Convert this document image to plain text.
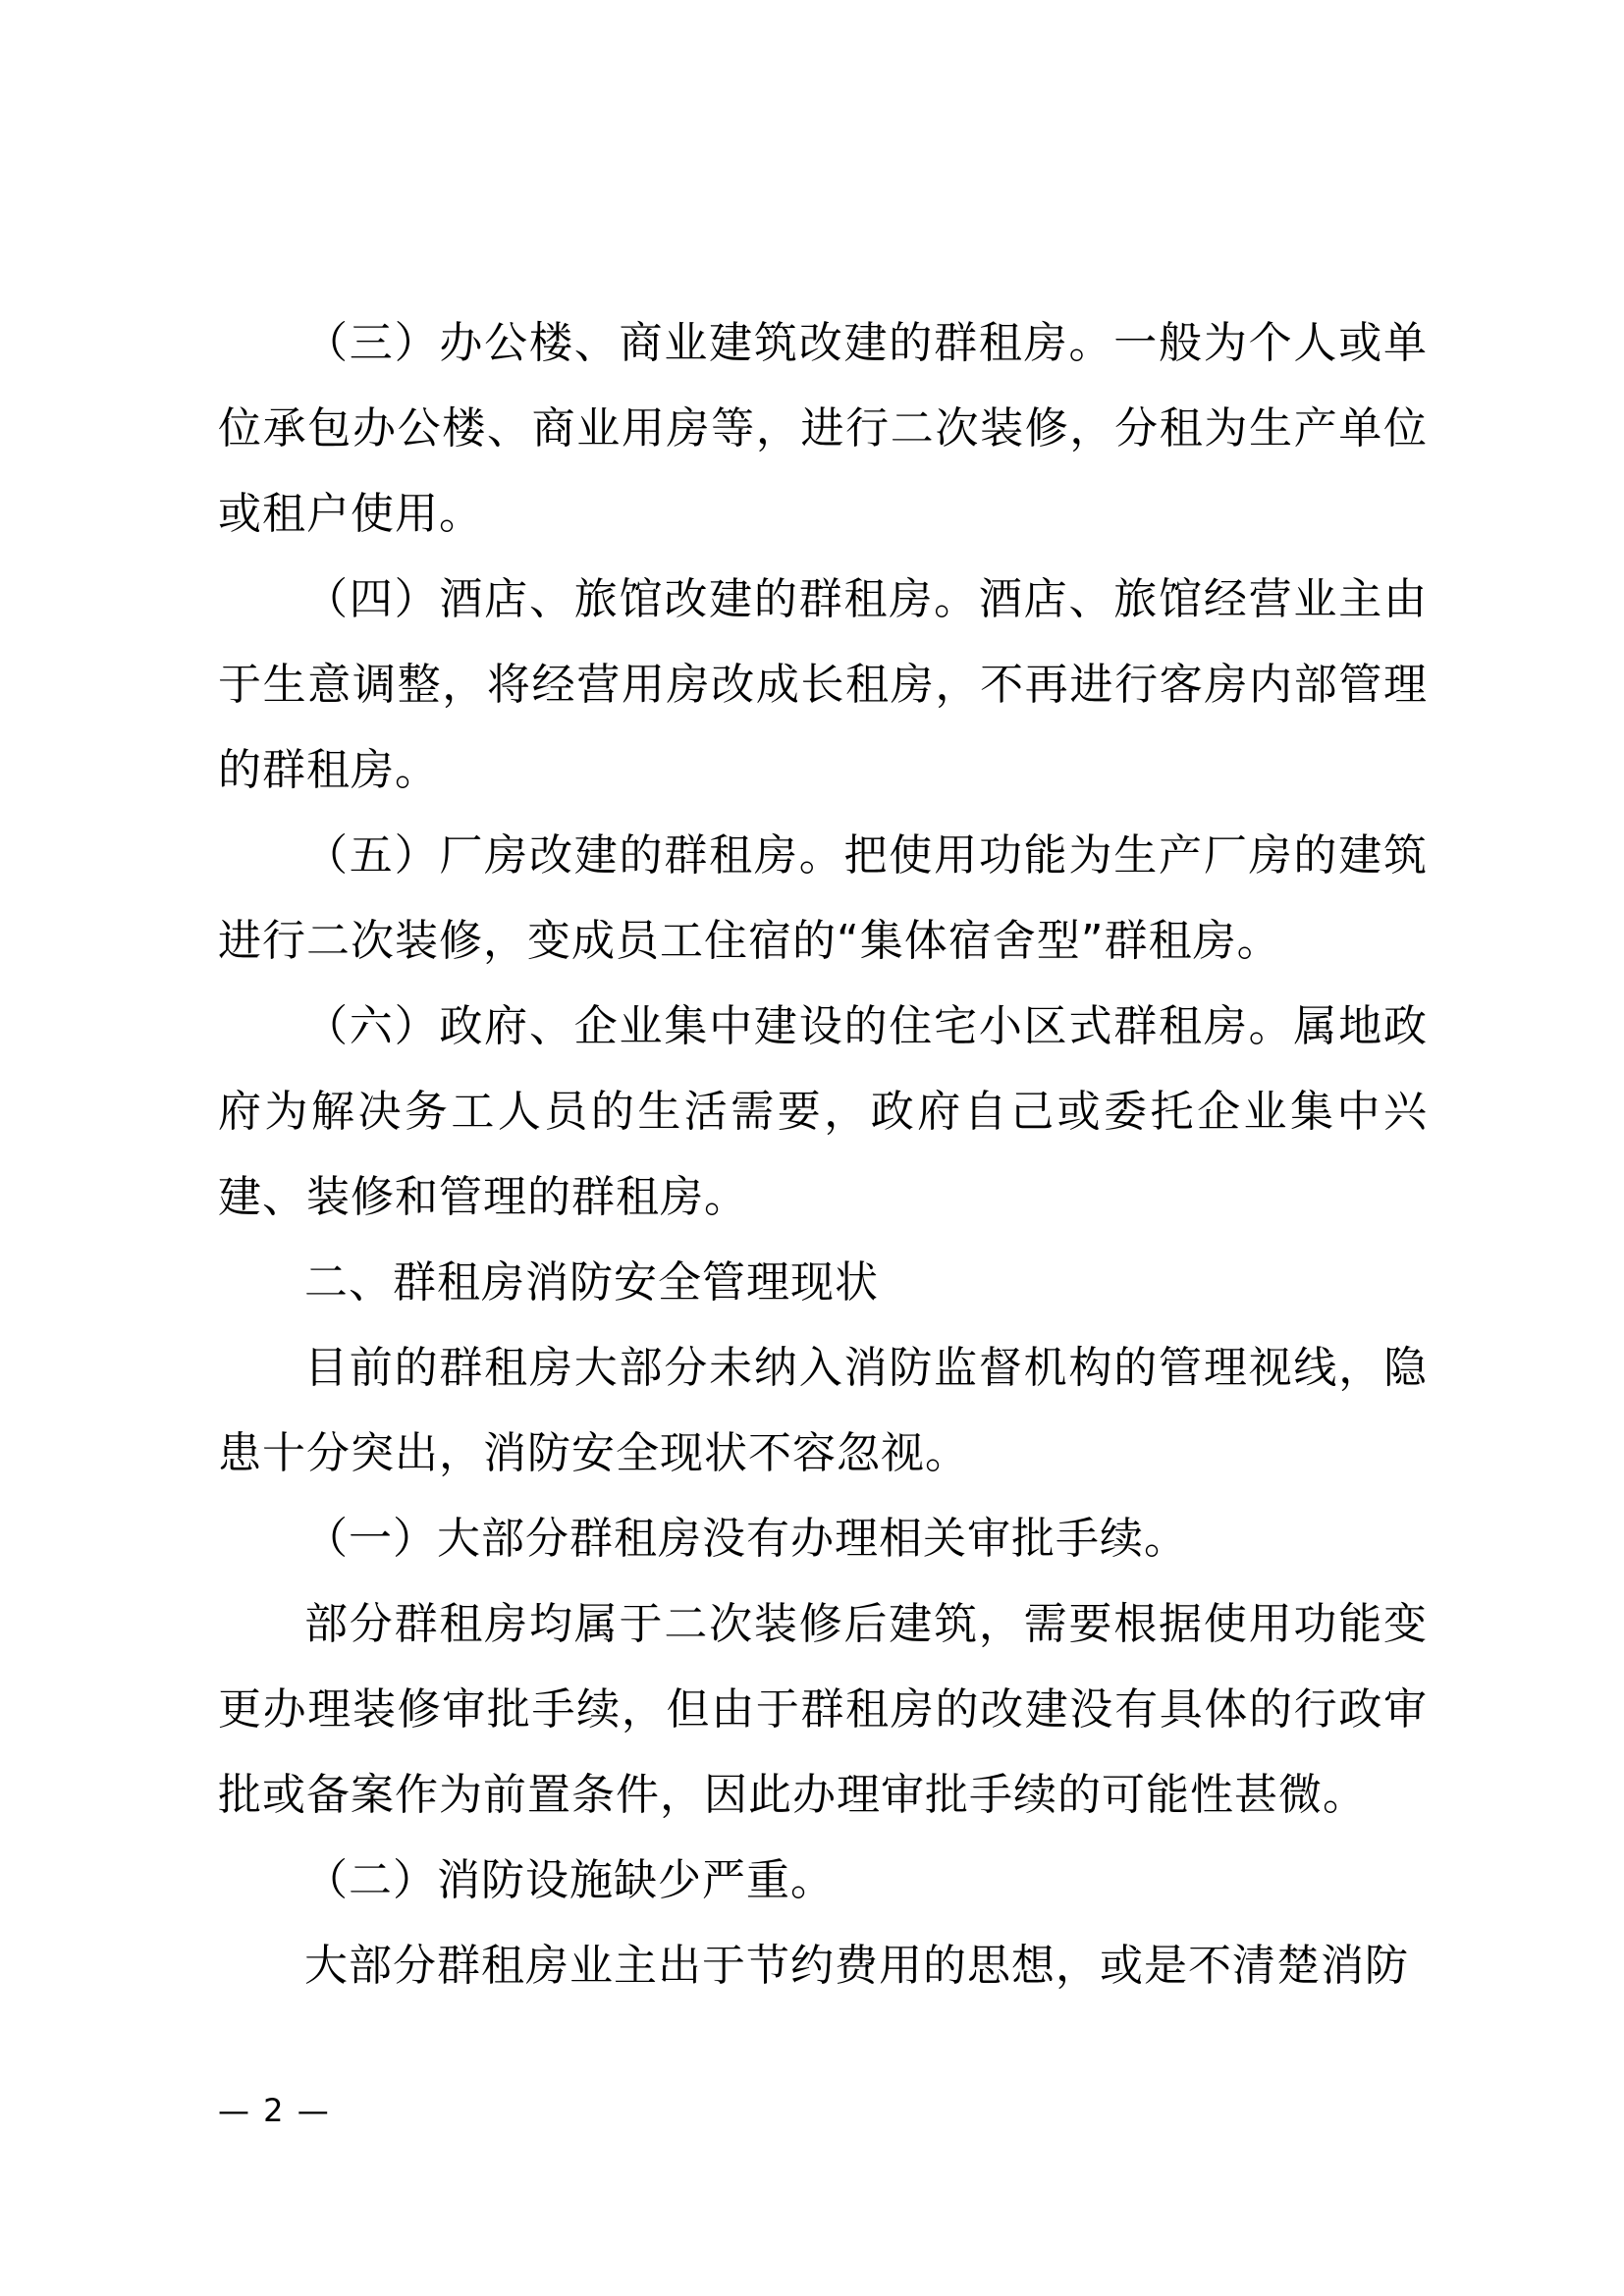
（三）办公楼、商业建筑改建的群租房。一般为个人或单位承包办公楼、商业用房等，进行二次装修，分租为生产单位或租户使用。

（四）酒店、旅馆改建的群租房。酒店、旅馆经营业主由于生意调整，将经营用房改成长租房，不再进行客房内部管理的群租房。

（五）厂房改建的群租房。把使用功能为生产厂房的建筑进行二次装修，变成员工住宿的“集体宿舍型”群租房。

（六）政府、企业集中建设的住宅小区式群租房。属地政府为解决务工人员的生活需要，政府自己或委托企业集中兴建、装修和管理的群租房。

二、群租房消防安全管理现状

目前的群租房大部分未纳入消防监督机构的管理视线，隐患十分突出，消防安全现状不容忽视。

（一）大部分群租房没有办理相关审批手续。

部分群租房均属于二次装修后建筑，需要根据使用功能变更办理装修审批手续，但由于群租房的改建没有具体的行政审批或备案作为前置条件，因此办理审批手续的可能性甚微。

（二）消防设施缺少严重。

大部分群租房业主出于节约费用的思想，或是不清楚消防

— 2 —
